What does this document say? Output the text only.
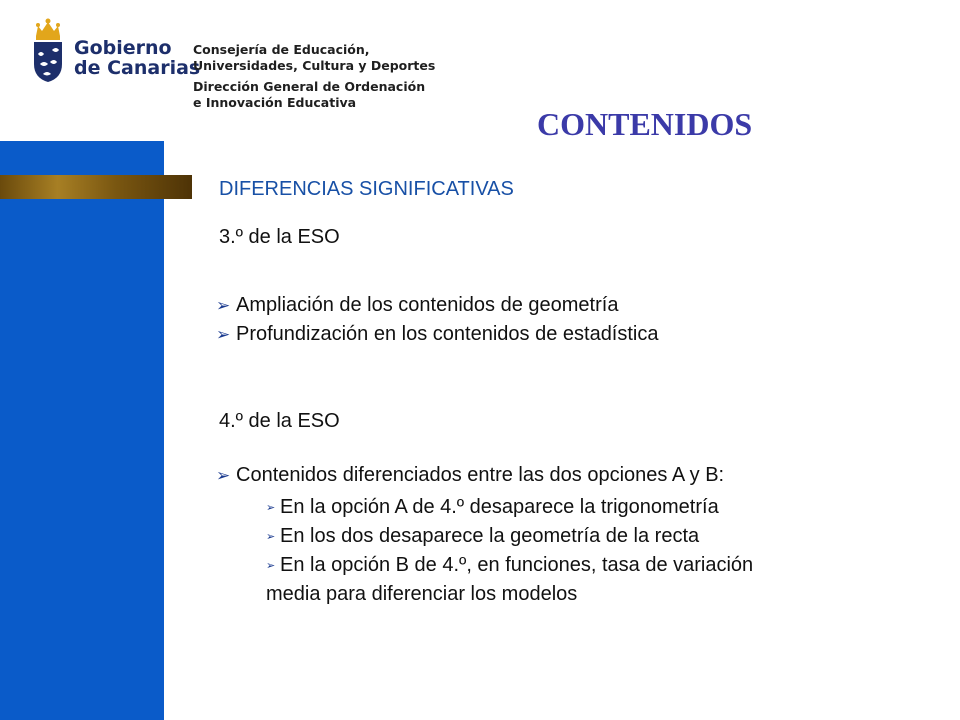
Gobierno
de Canarias
Consejería de Educación,
Universidades, Cultura y Deportes
Dirección General de Ordenación
e Innovación Educativa
CONTENIDOS
DIFERENCIAS SIGNIFICATIVAS
3.º de la ESO
➢ Ampliación de los contenidos de geometría
➢ Profundización en los contenidos de estadística
4.º de la ESO
➢ Contenidos diferenciados entre las dos opciones A y B:
➢ En la opción A de 4.º desaparece la trigonometría
➢ En los dos desaparece la geometría de la recta
➢ En la opción B de 4.º, en funciones, tasa de variación
media para diferenciar los modelos
